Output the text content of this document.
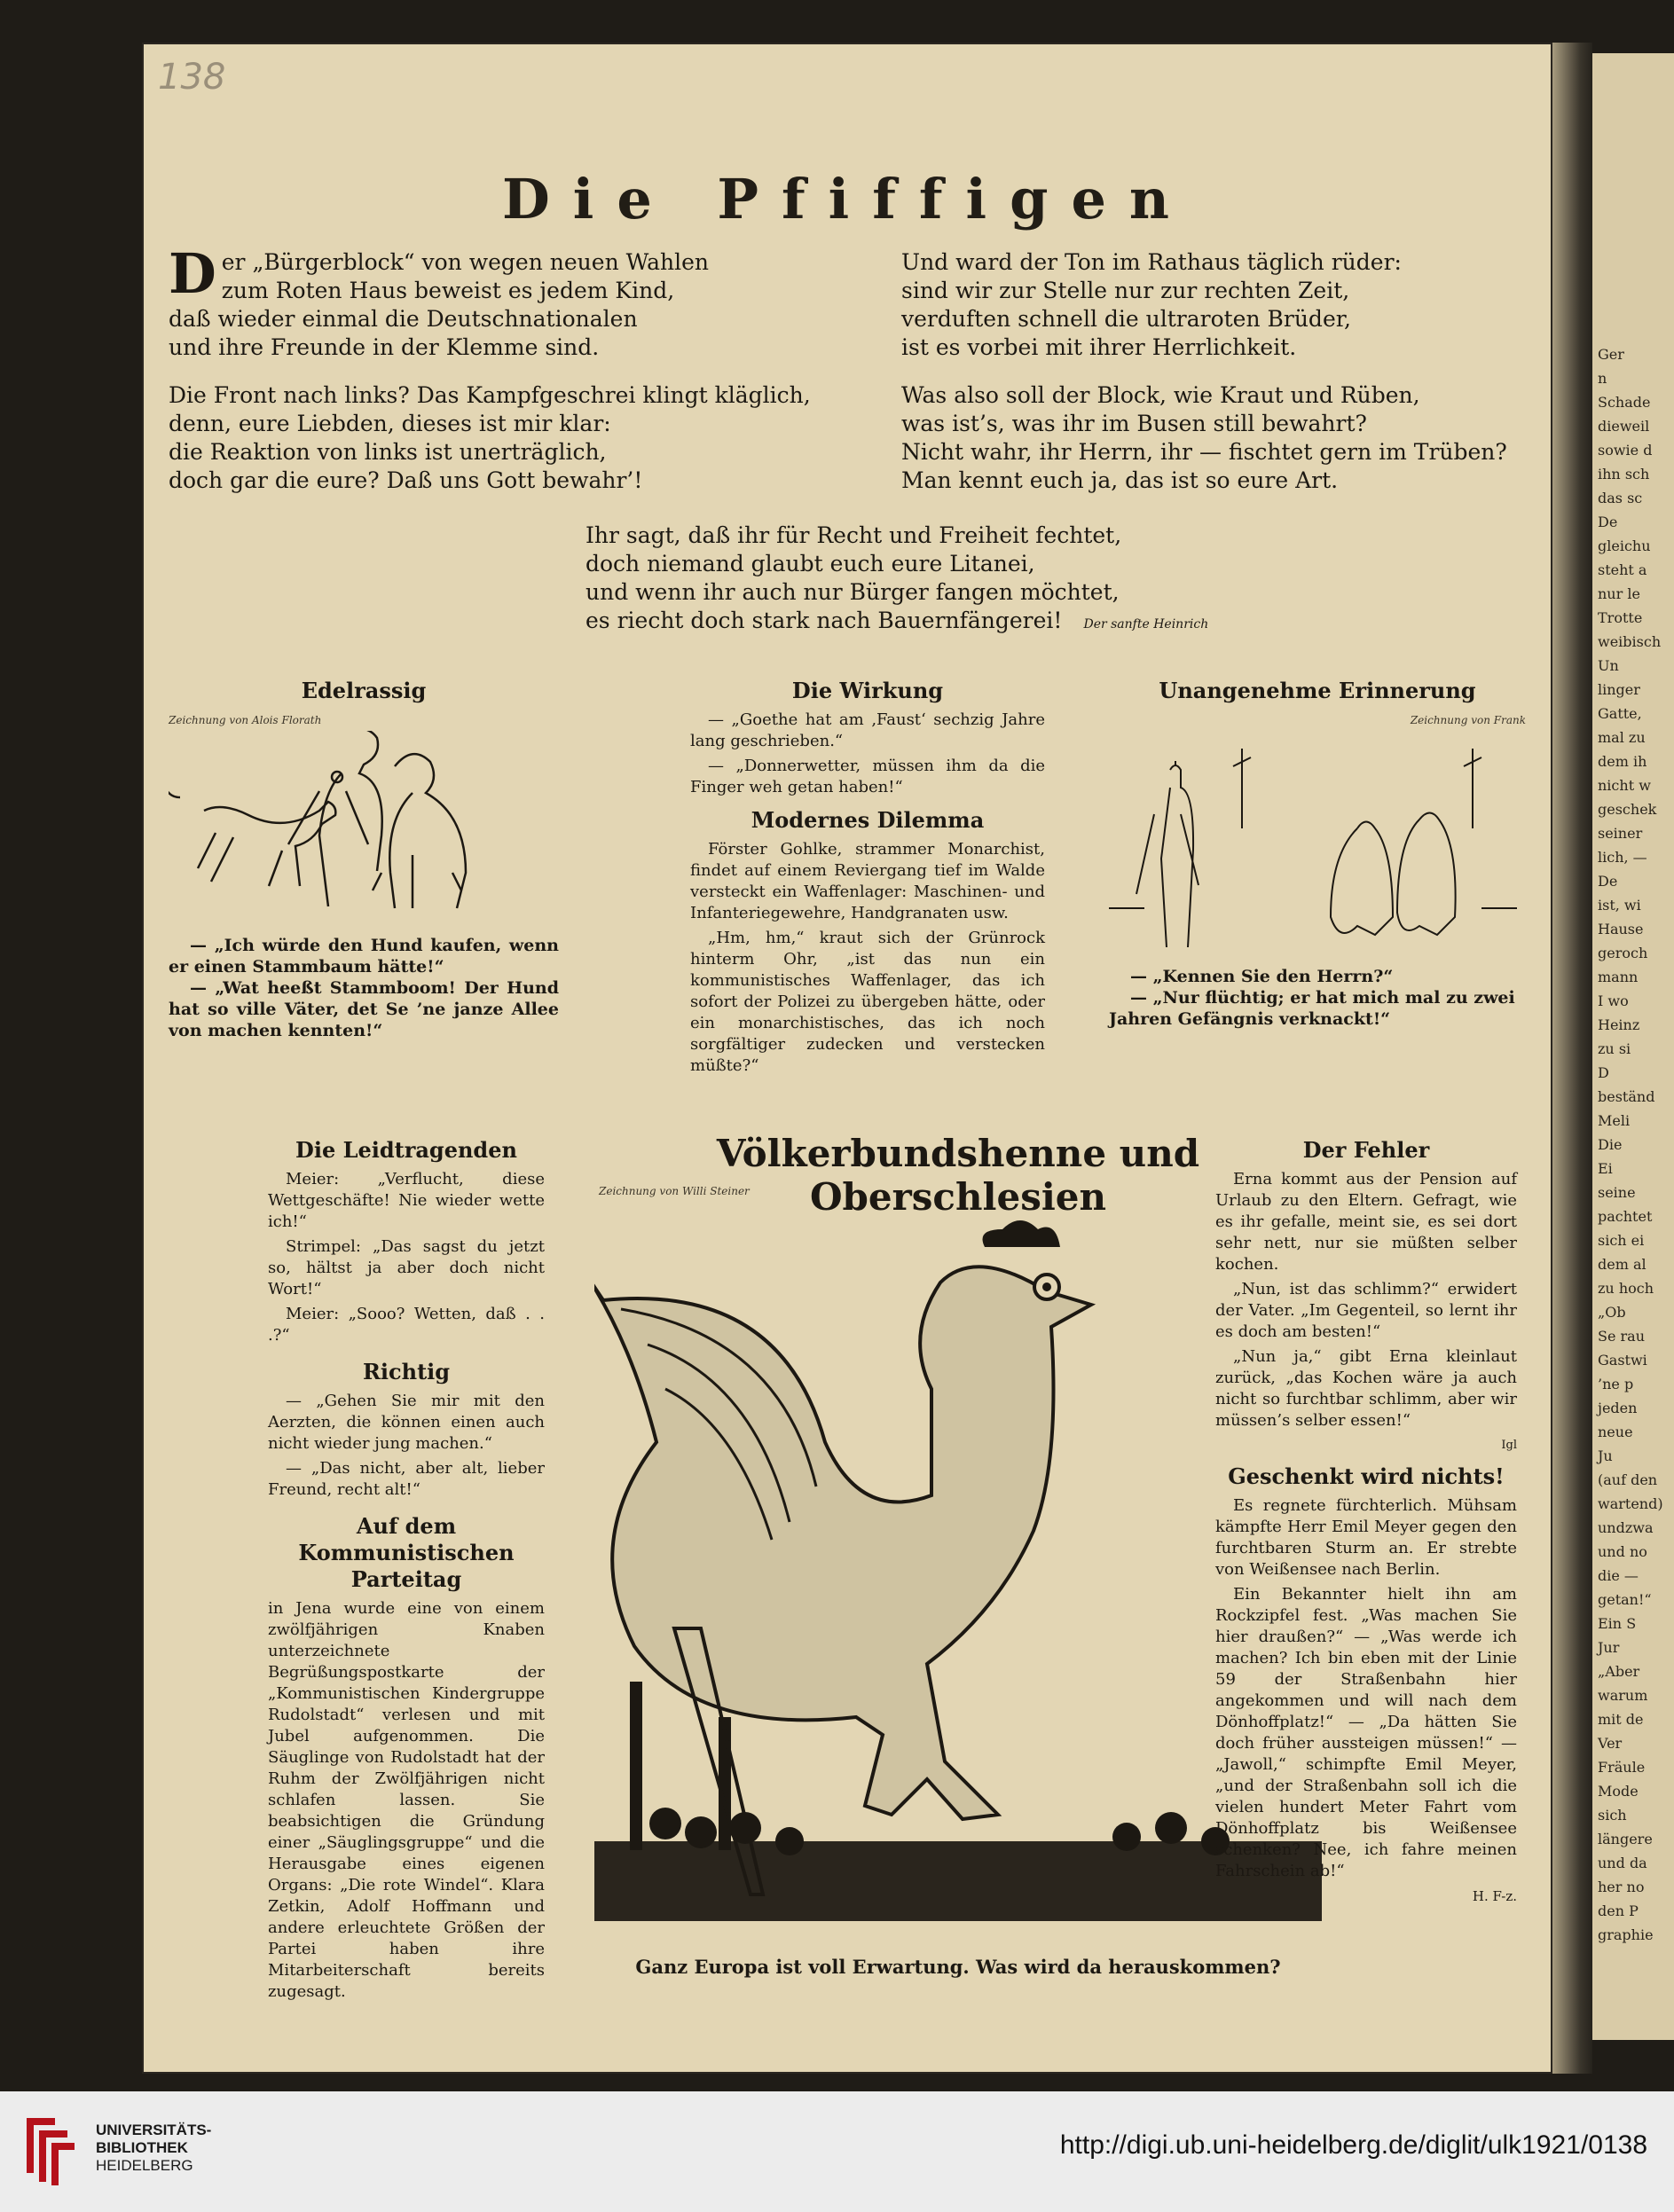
138
Die Pfiffigen

Der „Bürgerblock“ von wegen neuen Wahlen
zum Roten Haus beweist es jedem Kind,
daß wieder einmal die Deutschnationalen
und ihre Freunde in der Klemme sind.

Die Front nach links? Das Kampfgeschrei klingt kläglich,
denn, eure Liebden, dieses ist mir klar:
die Reaktion von links ist unerträglich,
doch gar die eure? Daß uns Gott bewahr’!

Und ward der Ton im Rathaus täglich rüder:
sind wir zur Stelle nur zur rechten Zeit,
verduften schnell die ultraroten Brüder,
ist es vorbei mit ihrer Herrlichkeit.

Was also soll der Block, wie Kraut und Rüben,
was ist’s, was ihr im Busen still bewahrt?
Nicht wahr, ihr Herrn, ihr — fischtet gern im Trüben?
Man kennt euch ja, das ist so eure Art.

Ihr sagt, daß ihr für Recht und Freiheit fechtet,
doch niemand glaubt euch eure Litanei,
und wenn ihr auch nur Bürger fangen möchtet,
es riecht doch stark nach Bauernfängerei! Der sanfte Heinrich

Edelrassig
Zeichnung von Alois Florath

— „Ich würde den Hund kaufen, wenn er einen Stammbaum hätte!“

— „Wat heeßt Stammboom! Der Hund hat so ville Väter, det Se ’ne janze Allee von machen kennten!“

Die Wirkung

— „Goethe hat am ‚Faust‘ sechzig Jahre lang geschrieben.“

— „Donnerwetter, müssen ihm da die Finger weh getan haben!“

Modernes Dilemma

Förster Gohlke, strammer Monarchist, findet auf einem Reviergang tief im Walde versteckt ein Waffenlager: Maschinen- und Infanteriegewehre, Handgranaten usw.

„Hm, hm,“ kraut sich der Grünrock hinterm Ohr, „ist das nun ein kommunistisches Waffenlager, das ich sofort der Polizei zu übergeben hätte, oder ein monarchistisches, das ich noch sorgfältiger zudecken und verstecken müßte?“

Unangenehme Erinnerung
Zeichnung von Frank

— „Kennen Sie den Herrn?“

— „Nur flüchtig; er hat mich mal zu zwei Jahren Gefängnis verknackt!“

Die Leidtragenden

Meier: „Verflucht, diese Wettgeschäfte! Nie wieder wette ich!“

Strimpel: „Das sagst du jetzt so, hältst ja aber doch nicht Wort!“

Meier: „Sooo? Wetten, daß . . .?“

Richtig

— „Gehen Sie mir mit den Aerzten, die können einen auch nicht wieder jung machen.“

— „Das nicht, aber alt, lieber Freund, recht alt!“

Auf dem Kommunistischen Parteitag

in Jena wurde eine von einem zwölfjährigen Knaben unterzeichnete Begrüßungspostkarte der „Kommunistischen Kindergruppe Rudolstadt“ verlesen und mit Jubel aufgenommen. Die Säuglinge von Rudolstadt hat der Ruhm der Zwölfjährigen nicht schlafen lassen. Sie beabsichtigen die Gründung einer „Säuglingsgruppe“ und die Herausgabe eines eigenen Organs: „Die rote Windel“. Klara Zetkin, Adolf Hoffmann und andere erleuchtete Größen der Partei haben ihre Mitarbeiterschaft bereits zugesagt.

Völkerbundshenne und Oberschlesien
Zeichnung von Willi Steiner
Ganz Europa ist voll Erwartung. Was wird da herauskommen?
Der Fehler

Erna kommt aus der Pension auf Urlaub zu den Eltern. Gefragt, wie es ihr gefalle, meint sie, es sei dort sehr nett, nur sie müßten selber kochen.

„Nun, ist das schlimm?“ erwidert der Vater. „Im Gegenteil, so lernt ihr es doch am besten!“

„Nun ja,“ gibt Erna kleinlaut zurück, „das Kochen wäre ja auch nicht so furchtbar schlimm, aber wir müssen’s selber essen!“

Igl
Geschenkt wird nichts!

Es regnete fürchterlich. Mühsam kämpfte Herr Emil Meyer gegen den furchtbaren Sturm an. Er strebte von Weißensee nach Berlin.

Ein Bekannter hielt ihn am Rockzipfel fest. „Was machen Sie hier draußen?“ — „Was werde ich machen? Ich bin eben mit der Linie 59 der Straßenbahn hier angekommen und will nach dem Dönhoffplatz!“ — „Da hätten Sie doch früher aussteigen müssen!“ — „Jawoll,“ schimpfte Emil Meyer, „und der Straßenbahn soll ich die vielen hundert Meter Fahrt vom Dönhoffplatz bis Weißensee schenken? Nee, ich fahre meinen Fahrschein ab!“

H. F-z.
Ger
n
Schade
dieweil
sowie d
ihn sch
das sc
De
gleichu
steht a
nur le
Trotte
weibisch
Un
linger
Gatte,
mal zu
dem ih
nicht w
geschek
seiner
lich, —
De
ist, wi
Hause
geroch
mann
I wo
Heinz
zu si
D
beständ
Meli
Die
Ei
seine
pachtet
sich ei
dem al
zu hoch
„Ob
Se rau
Gastwi
’ne p
jeden
neue
Ju
(auf den
wartend)
undzwa
und no
die —
getan!“
Ein S
Jur
„Aber
warum
mit de
Ver
Fräule
Mode
sich
längere
und da
her no
den P
graphie
UNIVERSITÄTS-
BIBLIOTHEK
HEIDELBERG
http://digi.ub.uni-heidelberg.de/diglit/ulk1921/0138
